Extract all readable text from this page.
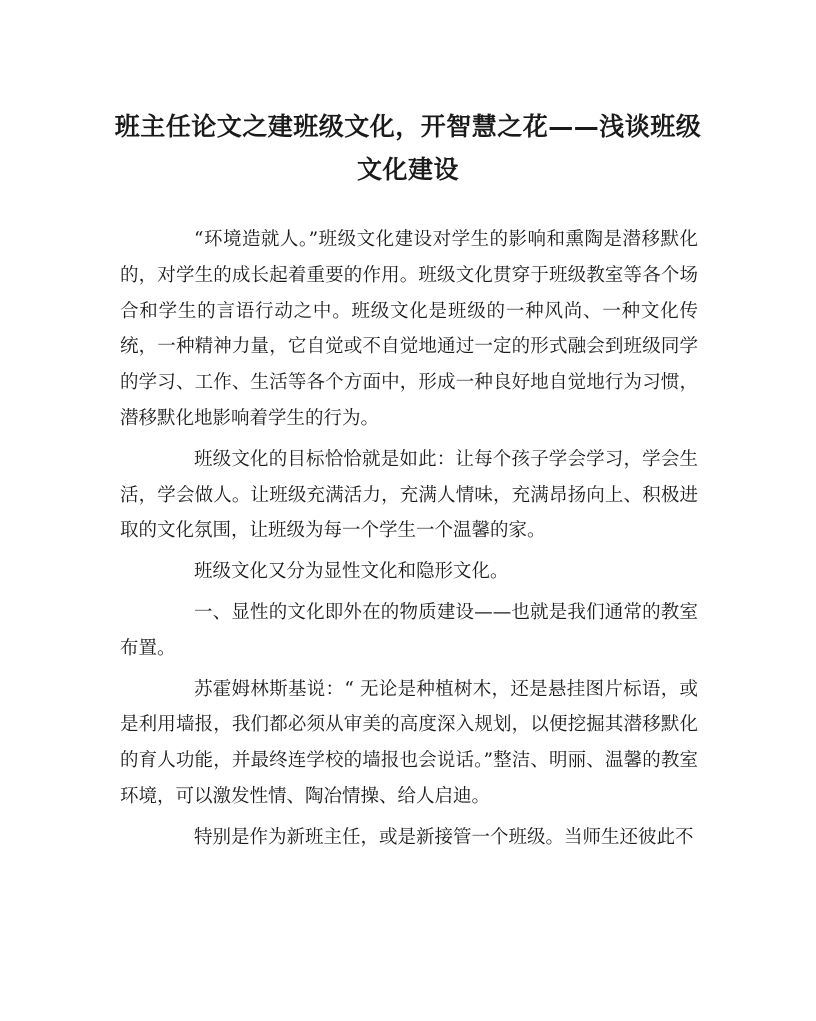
班主任论文之建班级文化，开智慧之花——浅谈班级文化建设

“环境造就人。”班级文化建设对学生的影响和熏陶是潜移默化的，对学生的成长起着重要的作用。班级文化贯穿于班级教室等各个场合和学生的言语行动之中。班级文化是班级的一种风尚、一种文化传统，一种精神力量，它自觉或不自觉地通过一定的形式融会到班级同学的学习、工作、生活等各个方面中，形成一种良好地自觉地行为习惯，潜移默化地影响着学生的行为。

班级文化的目标恰恰就是如此：让每个孩子学会学习，学会生活，学会做人。让班级充满活力，充满人情味，充满昂扬向上、积极进取的文化氛围，让班级为每一个学生一个温馨的家。

班级文化又分为显性文化和隐形文化。

一、显性的文化即外在的物质建设——也就是我们通常的教室布置。

苏霍姆林斯基说：“ 无论是种植树木，还是悬挂图片标语，或是利用墙报，我们都必须从审美的高度深入规划，以便挖掘其潜移默化的育人功能，并最终连学校的墙报也会说话。”整洁、明丽、温馨的教室环境，可以激发性情、陶冶情操、给人启迪。

特别是作为新班主任，或是新接管一个班级。当师生还彼此不
